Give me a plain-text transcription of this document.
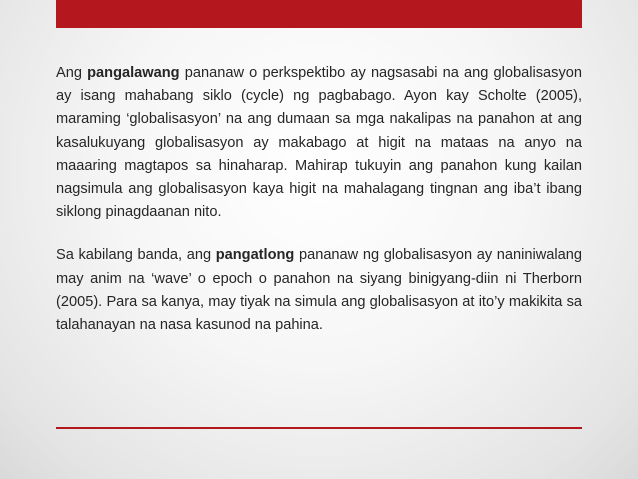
Ang pangalawang pananaw o perkspektibo ay nagsasabi na ang globalisasyon ay isang mahabang siklo (cycle) ng pagbabago. Ayon kay Scholte (2005), maraming ‘globalisasyon’ na ang dumaan sa mga nakalipas na panahon at ang kasalukuyang globalisasyon ay makabago at higit na mataas na anyo na maaaring magtapos sa hinaharap. Mahirap tukuyin ang panahon kung kailan nagsimula ang globalisasyon kaya higit na mahalagang tingnan ang iba’t ibang siklong pinagdaanan nito.

Sa kabilang banda, ang pangatlong pananaw ng globalisasyon ay naniniwalang may anim na ‘wave’ o epoch o panahon na siyang binigyang-diin ni Therborn (2005). Para sa kanya, may tiyak na simula ang globalisasyon at ito’y makikita sa talahanayan na nasa kasunod na pahina.
